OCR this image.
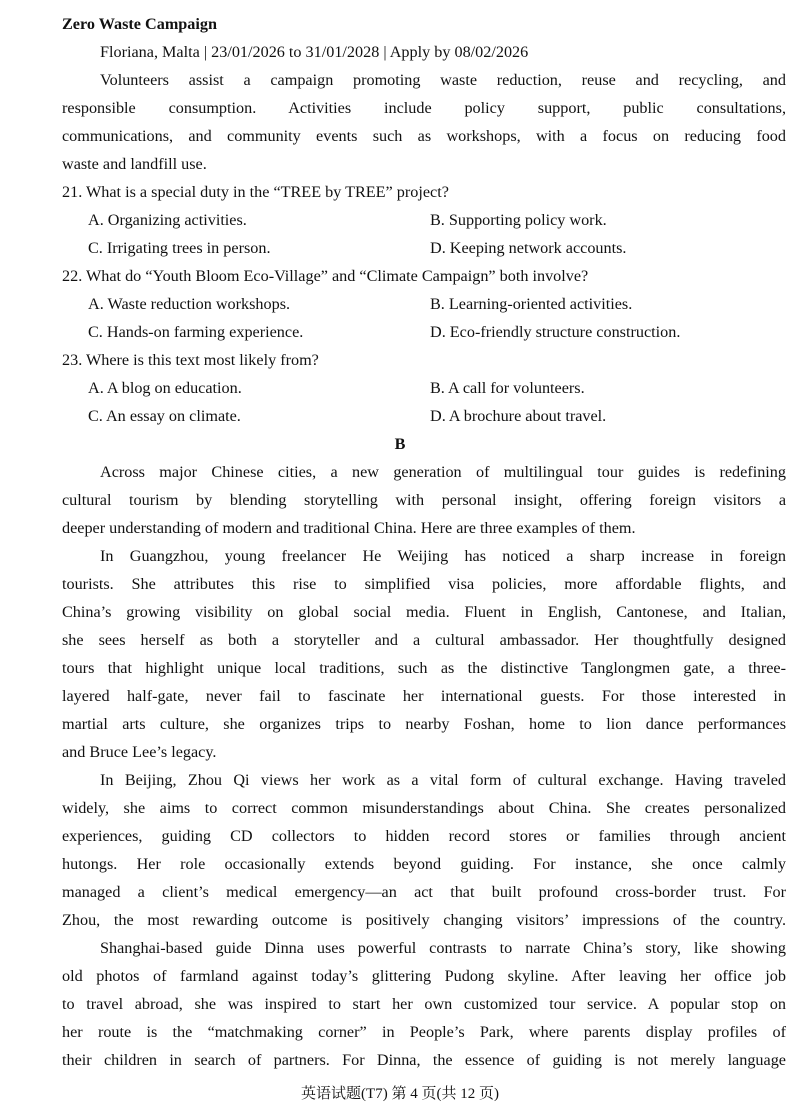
Zero Waste Campaign
Floriana, Malta | 23/01/2026 to 31/01/2028 | Apply by 08/02/2026
Volunteers assist a campaign promoting waste reduction, reuse and recycling, and
responsible consumption. Activities include policy support, public consultations,
communications, and community events such as workshops, with a focus on reducing food
waste and landfill use.
21. What is a special duty in the “TREE by TREE” project?
A. Organizing activities.	B. Supporting policy work.
C. Irrigating trees in person.	D. Keeping network accounts.
22. What do “Youth Bloom Eco-Village” and “Climate Campaign” both involve?
A. Waste reduction workshops.	B. Learning-oriented activities.
C. Hands-on farming experience.	D. Eco-friendly structure construction.
23. Where is this text most likely from?
A. A blog on education.	B. A call for volunteers.
C. An essay on climate.	D. A brochure about travel.
B
Across major Chinese cities, a new generation of multilingual tour guides is redefining
cultural tourism by blending storytelling with personal insight, offering foreign visitors a
deeper understanding of modern and traditional China. Here are three examples of them.
In Guangzhou, young freelancer He Weijing has noticed a sharp increase in foreign
tourists. She attributes this rise to simplified visa policies, more affordable flights, and
China’s growing visibility on global social media. Fluent in English, Cantonese, and Italian,
she sees herself as both a storyteller and a cultural ambassador. Her thoughtfully designed
tours that highlight unique local traditions, such as the distinctive Tanglongmen gate, a three-
layered half-gate, never fail to fascinate her international guests. For those interested in
martial arts culture, she organizes trips to nearby Foshan, home to lion dance performances
and Bruce Lee’s legacy.
In Beijing, Zhou Qi views her work as a vital form of cultural exchange. Having traveled
widely, she aims to correct common misunderstandings about China. She creates personalized
experiences, guiding CD collectors to hidden record stores or families through ancient
hutongs. Her role occasionally extends beyond guiding. For instance, she once calmly
managed a client’s medical emergency—an act that built profound cross-border trust. For
Zhou, the most rewarding outcome is positively changing visitors’ impressions of the country.
Shanghai-based guide Dinna uses powerful contrasts to narrate China’s story, like showing
old photos of farmland against today’s glittering Pudong skyline. After leaving her office job
to travel abroad, she was inspired to start her own customized tour service. A popular stop on
her route is the “matchmaking corner” in People’s Park, where parents display profiles of
their children in search of partners. For Dinna, the essence of guiding is not merely language
英语试题(T7) 第 4 页(共 12 页)
